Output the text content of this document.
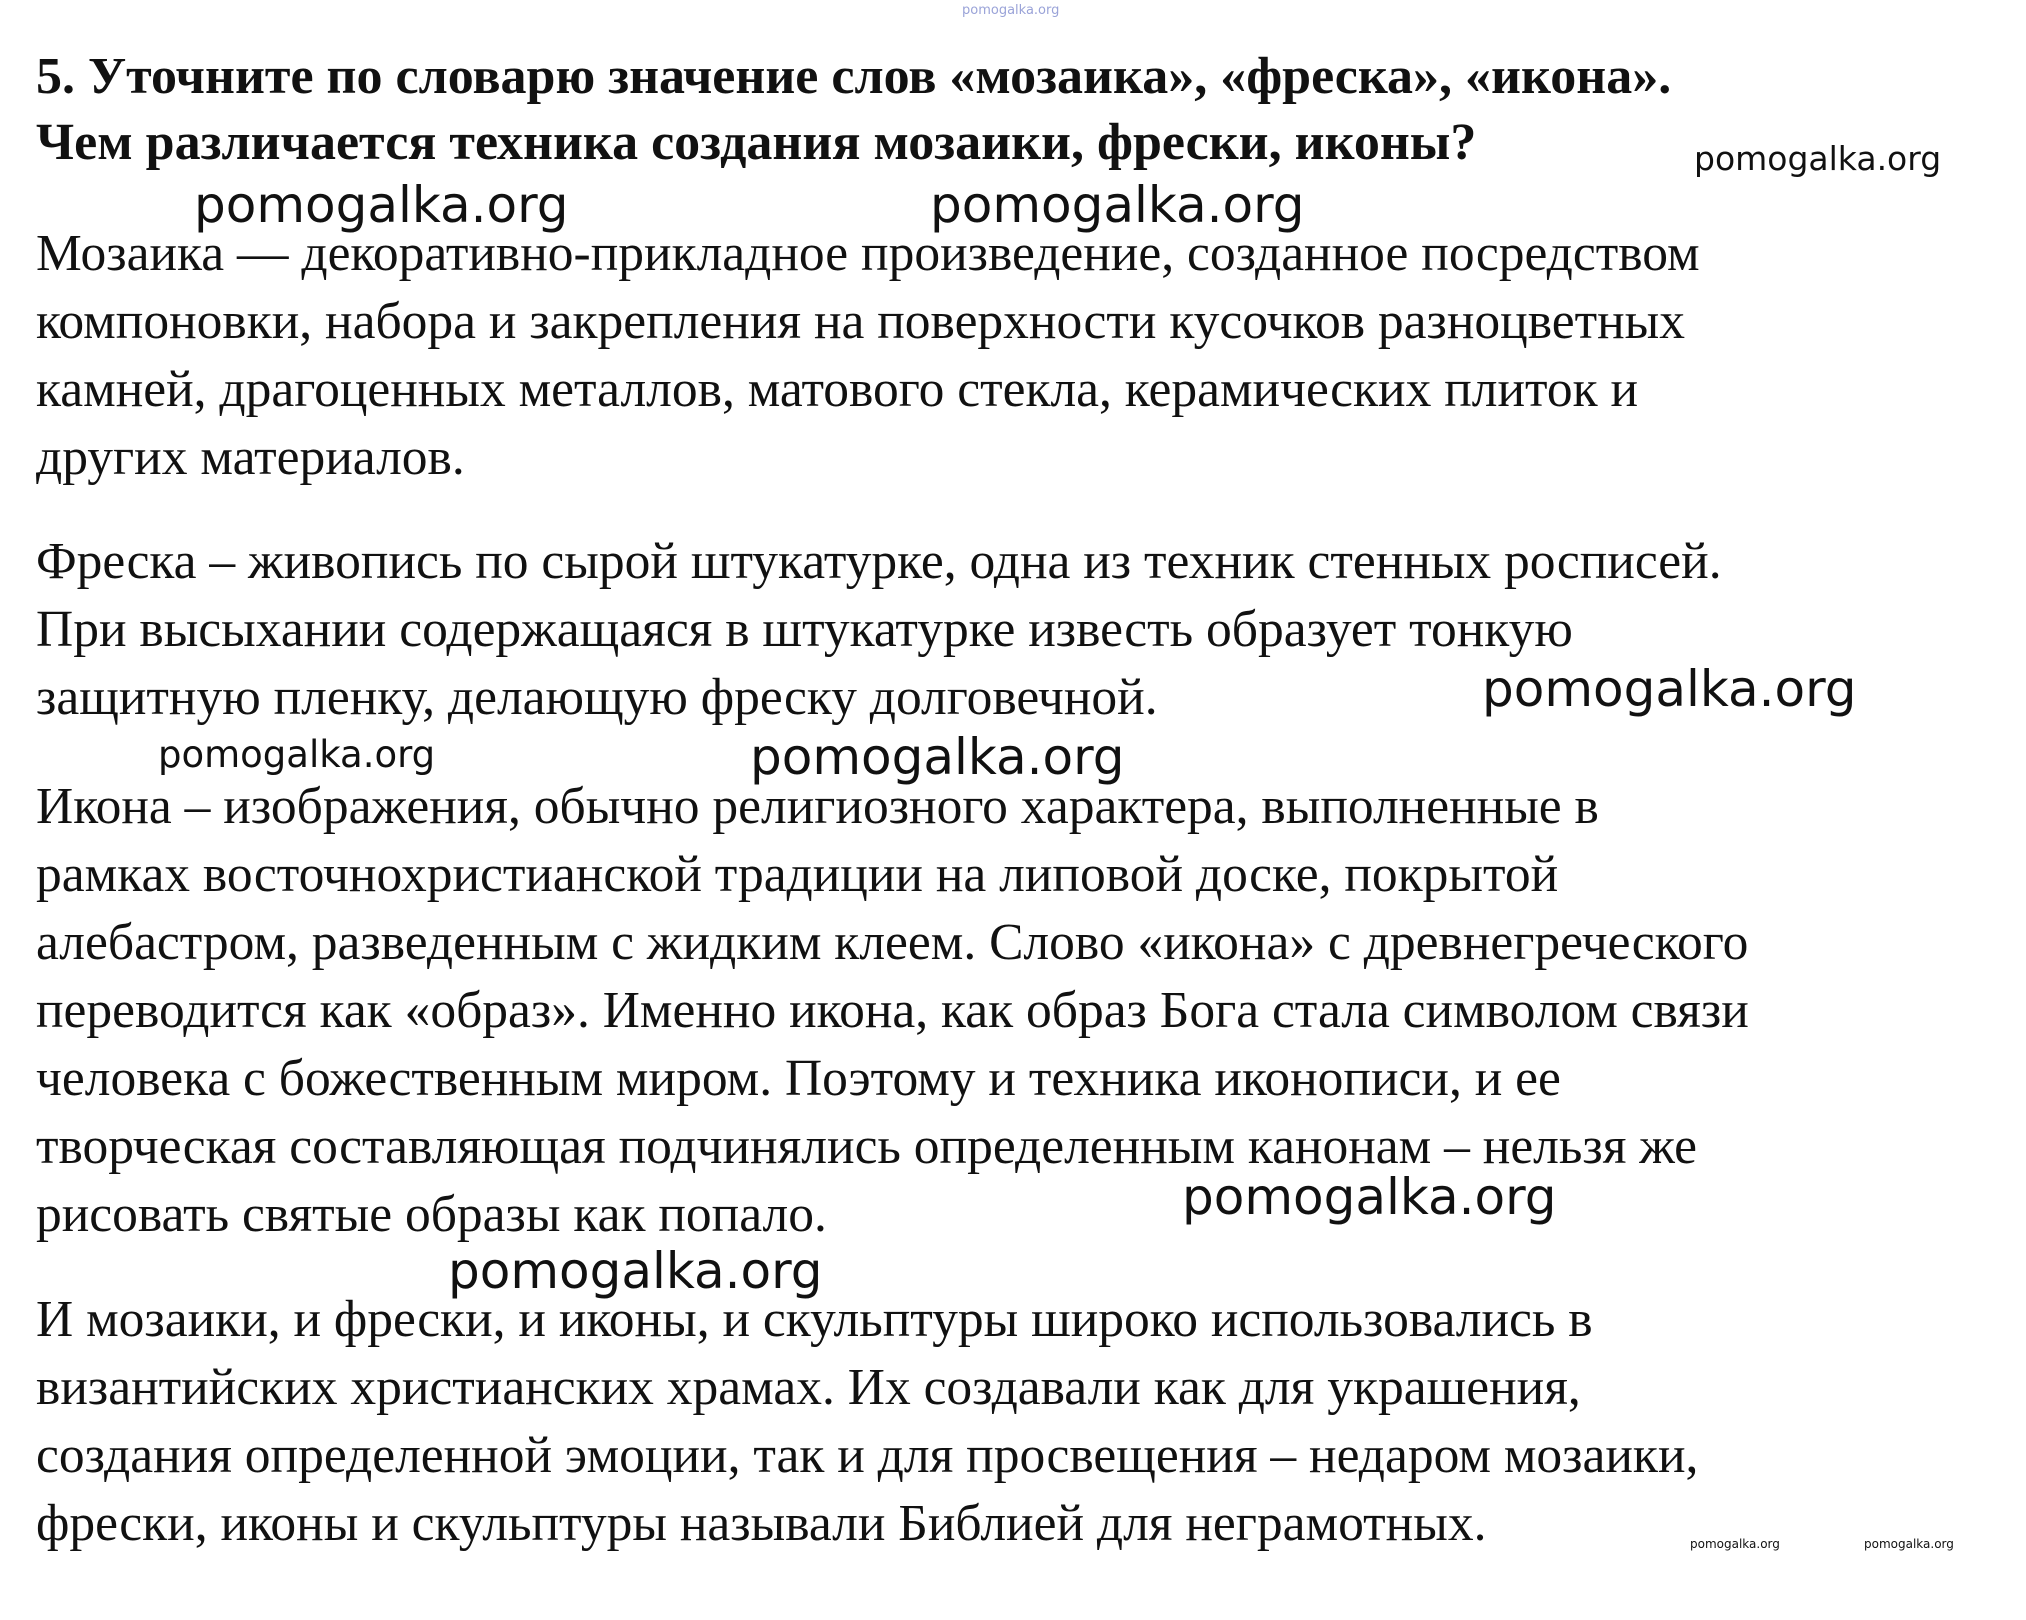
pomogalka.org
5. Уточните по словарю значение слов «мозаика», «фреска», «икона».
Чем различается техника создания мозаики, фрески, иконы?
Мозаика — декоративно-прикладное произведение, созданное посредством
компоновки, набора и закрепления на поверхности кусочков разноцветных
камней, драгоценных металлов, матового стекла, керамических плиток и
других материалов.
Фреска – живопись по сырой штукатурке, одна из техник стенных росписей.
При высыхании содержащаяся в штукатурке известь образует тонкую
защитную пленку, делающую фреску долговечной.
Икона – изображения, обычно религиозного характера, выполненные в
рамках восточнохристианской традиции на липовой доске, покрытой
алебастром, разведенным с жидким клеем. Слово «икона» с древнегреческого
переводится как «образ». Именно икона, как образ Бога стала символом связи
человека с божественным миром. Поэтому и техника иконописи, и ее
творческая составляющая подчинялись определенным канонам – нельзя же
рисовать святые образы как попало.
И мозаики, и фрески, и иконы, и скульптуры широко использовались в
византийских христианских храмах. Их создавали как для украшения,
создания определенной эмоции, так и для просвещения – недаром мозаики,
фрески, иконы и скульптуры называли Библией для неграмотных.
pomogalka.org
pomogalka.org	pomogalka.org
pomogalka.org
pomogalka.org	pomogalka.org
pomogalka.org
pomogalka.org
pomogalka.org	pomogalka.org
